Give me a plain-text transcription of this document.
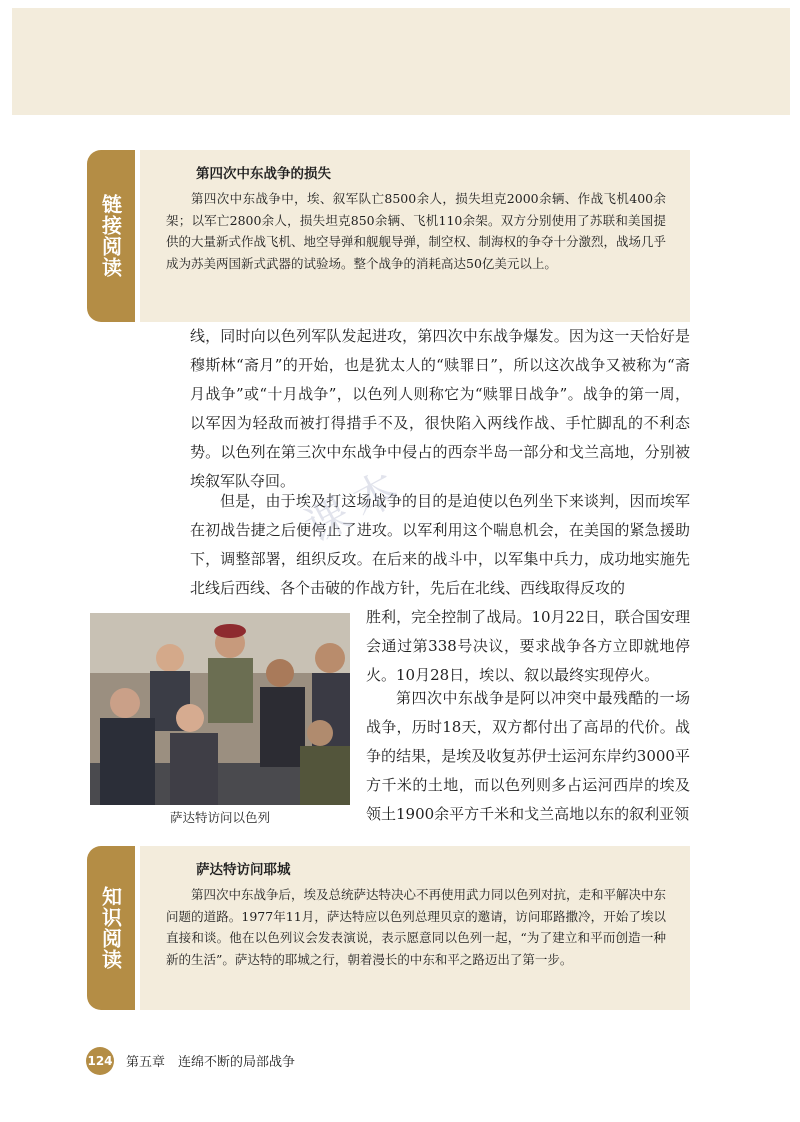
链接阅读

第四次中东战争的损失

第四次中东战争中，埃、叙军队亡8500余人，损失坦克2000余辆、作战飞机400余架；以军亡2800余人，损失坦克850余辆、飞机110余架。双方分别使用了苏联和美国提供的大量新式作战飞机、地空导弹和舰舰导弹，制空权、制海权的争夺十分激烈，战场几乎成为苏美两国新式武器的试验场。整个战争的消耗高达50亿美元以上。

线，同时向以色列军队发起进攻，第四次中东战争爆发。因为这一天恰好是穆斯林“斋月”的开始，也是犹太人的“赎罪日”，所以这次战争又被称为“斋月战争”或“十月战争”，以色列人则称它为“赎罪日战争”。战争的第一周，以军因为轻敌而被打得措手不及，很快陷入两线作战、手忙脚乱的不利态势。以色列在第三次中东战争中侵占的西奈半岛一部分和戈兰高地，分别被埃叙军队夺回。

但是，由于埃及打这场战争的目的是迫使以色列坐下来谈判，因而埃军在初战告捷之后便停止了进攻。以军利用这个喘息机会，在美国的紧急援助下，调整部署，组织反攻。在后来的战斗中，以军集中兵力，成功地实施先北线后西线、各个击破的作战方针，先后在北线、西线取得反攻的

胜利，完全控制了战局。10月22日，联合国安理会通过第338号决议，要求战争各方立即就地停火。10月28日，埃以、叙以最终实现停火。

第四次中东战争是阿以冲突中最残酷的一场战争，历时18天，双方都付出了高昂的代价。战争的结果，是埃及收复苏伊士运河东岸约3000平方千米的土地，而以色列则多占运河西岸的埃及领土1900余平方千米和戈兰高地以东的叙利亚领

课本
萨达特访问以色列
知识阅读

萨达特访问耶城

第四次中东战争后，埃及总统萨达特决心不再使用武力同以色列对抗，走和平解决中东问题的道路。1977年11月，萨达特应以色列总理贝京的邀请，访问耶路撒冷，开始了埃以直接和谈。他在以色列议会发表演说，表示愿意同以色列一起，“为了建立和平而创造一种新的生活”。萨达特的耶城之行，朝着漫长的中东和平之路迈出了第一步。

124 第五章　连绵不断的局部战争
